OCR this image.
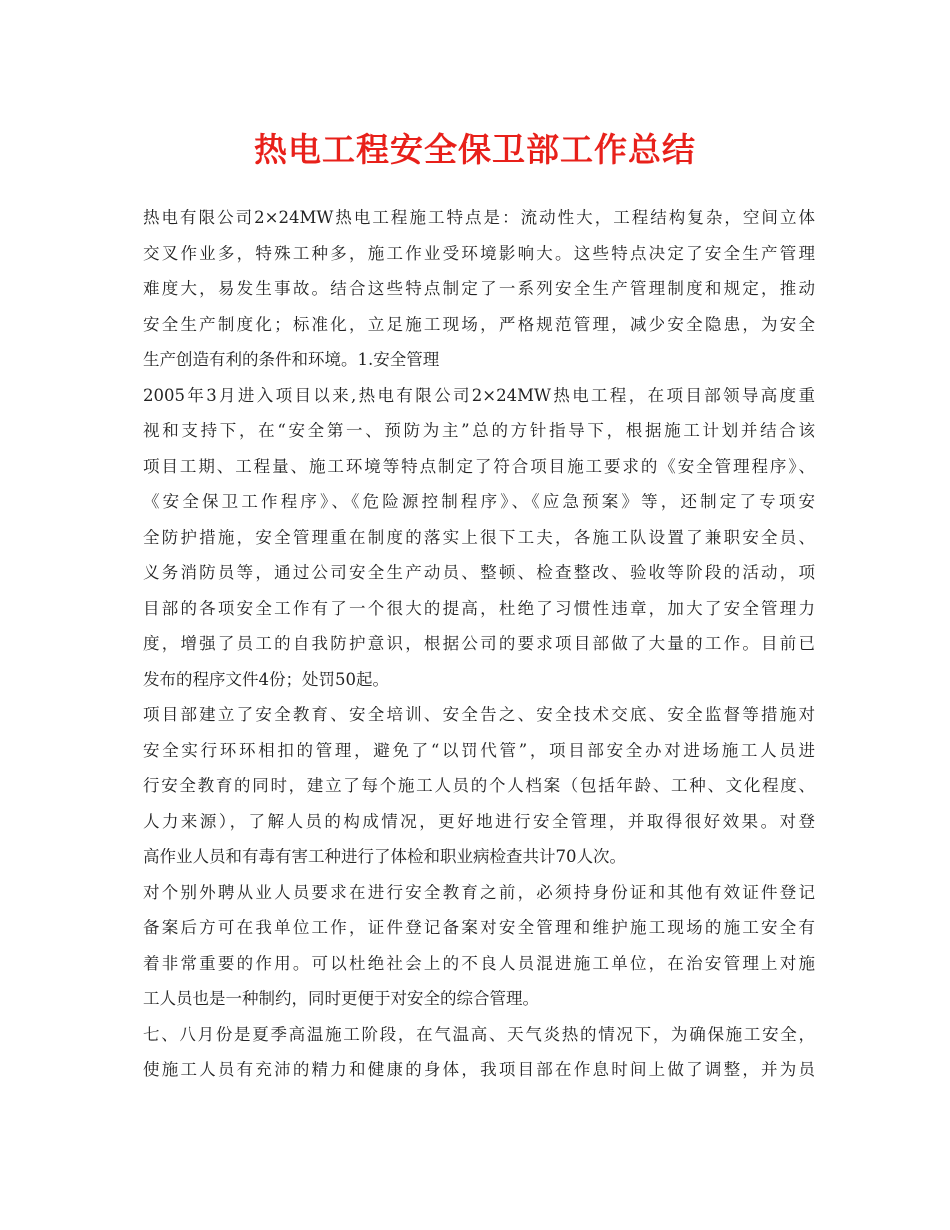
热电工程安全保卫部工作总结
热电有限公司2×24MW热电工程施工特点是：流动性大，工程结构复杂，空间立体
交叉作业多，特殊工种多，施工作业受环境影响大。这些特点决定了安全生产管理
难度大，易发生事故。结合这些特点制定了一系列安全生产管理制度和规定，推动
安全生产制度化；标准化，立足施工现场，严格规范管理，减少安全隐患，为安全
生产创造有利的条件和环境。1.安全管理
2005年3月进入项目以来,热电有限公司2×24MW热电工程，在项目部领导高度重
视和支持下，在“安全第一、预防为主”总的方针指导下，根据施工计划并结合该
项目工期、工程量、施工环境等特点制定了符合项目施工要求的《安全管理程序》、
《安全保卫工作程序》、《危险源控制程序》、《应急预案》等，还制定了专项安
全防护措施，安全管理重在制度的落实上很下工夫，各施工队设置了兼职安全员、
义务消防员等，通过公司安全生产动员、整顿、检查整改、验收等阶段的活动，项
目部的各项安全工作有了一个很大的提高，杜绝了习惯性违章，加大了安全管理力
度，增强了员工的自我防护意识，根据公司的要求项目部做了大量的工作。目前已
发布的程序文件4份；处罚50起。
项目部建立了安全教育、安全培训、安全告之、安全技术交底、安全监督等措施对
安全实行环环相扣的管理，避免了“以罚代管”，项目部安全办对进场施工人员进
行安全教育的同时，建立了每个施工人员的个人档案（包括年龄、工种、文化程度、
人力来源），了解人员的构成情况，更好地进行安全管理，并取得很好效果。对登
高作业人员和有毒有害工种进行了体检和职业病检查共计70人次。
对个别外聘从业人员要求在进行安全教育之前，必须持身份证和其他有效证件登记
备案后方可在我单位工作，证件登记备案对安全管理和维护施工现场的施工安全有
着非常重要的作用。可以杜绝社会上的不良人员混进施工单位，在治安管理上对施
工人员也是一种制约，同时更便于对安全的综合管理。
七、八月份是夏季高温施工阶段，在气温高、天气炎热的情况下，为确保施工安全，
使施工人员有充沛的精力和健康的身体，我项目部在作息时间上做了调整，并为员
